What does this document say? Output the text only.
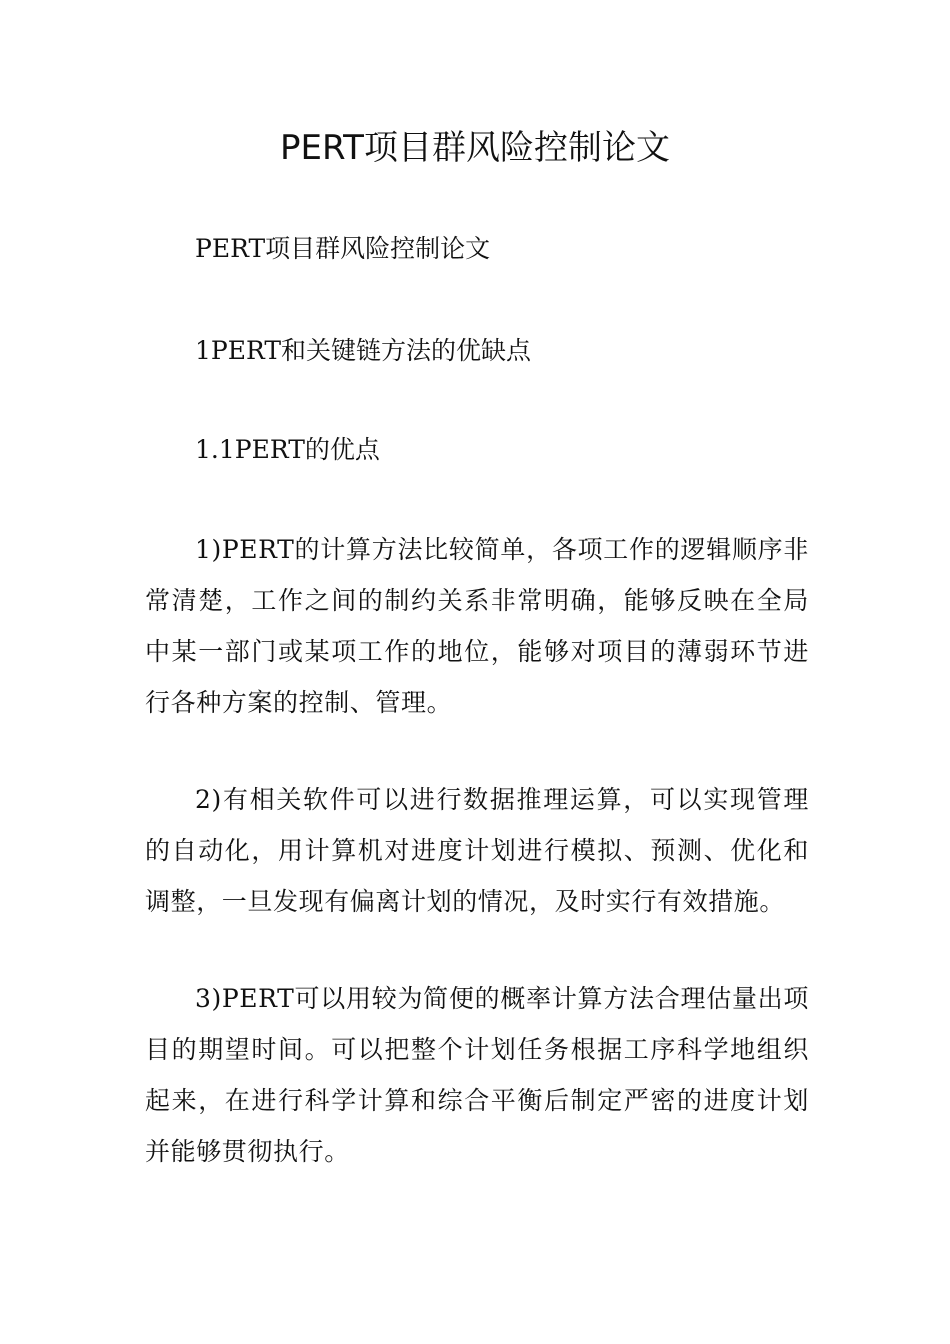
PERT项目群风险控制论文

PERT项目群风险控制论文

1PERT和关键链方法的优缺点

1.1PERT的优点

1)PERT的计算方法比较简单，各项工作的逻辑顺序非常清楚，工作之间的制约关系非常明确，能够反映在全局中某一部门或某项工作的地位，能够对项目的薄弱环节进行各种方案的控制、管理。

2)有相关软件可以进行数据推理运算，可以实现管理的自动化，用计算机对进度计划进行模拟、预测、优化和调整，一旦发现有偏离计划的情况，及时实行有效措施。

3)PERT可以用较为简便的概率计算方法合理估量出项目的期望时间。可以把整个计划任务根据工序科学地组织起来，在进行科学计算和综合平衡后制定严密的进度计划并能够贯彻执行。
